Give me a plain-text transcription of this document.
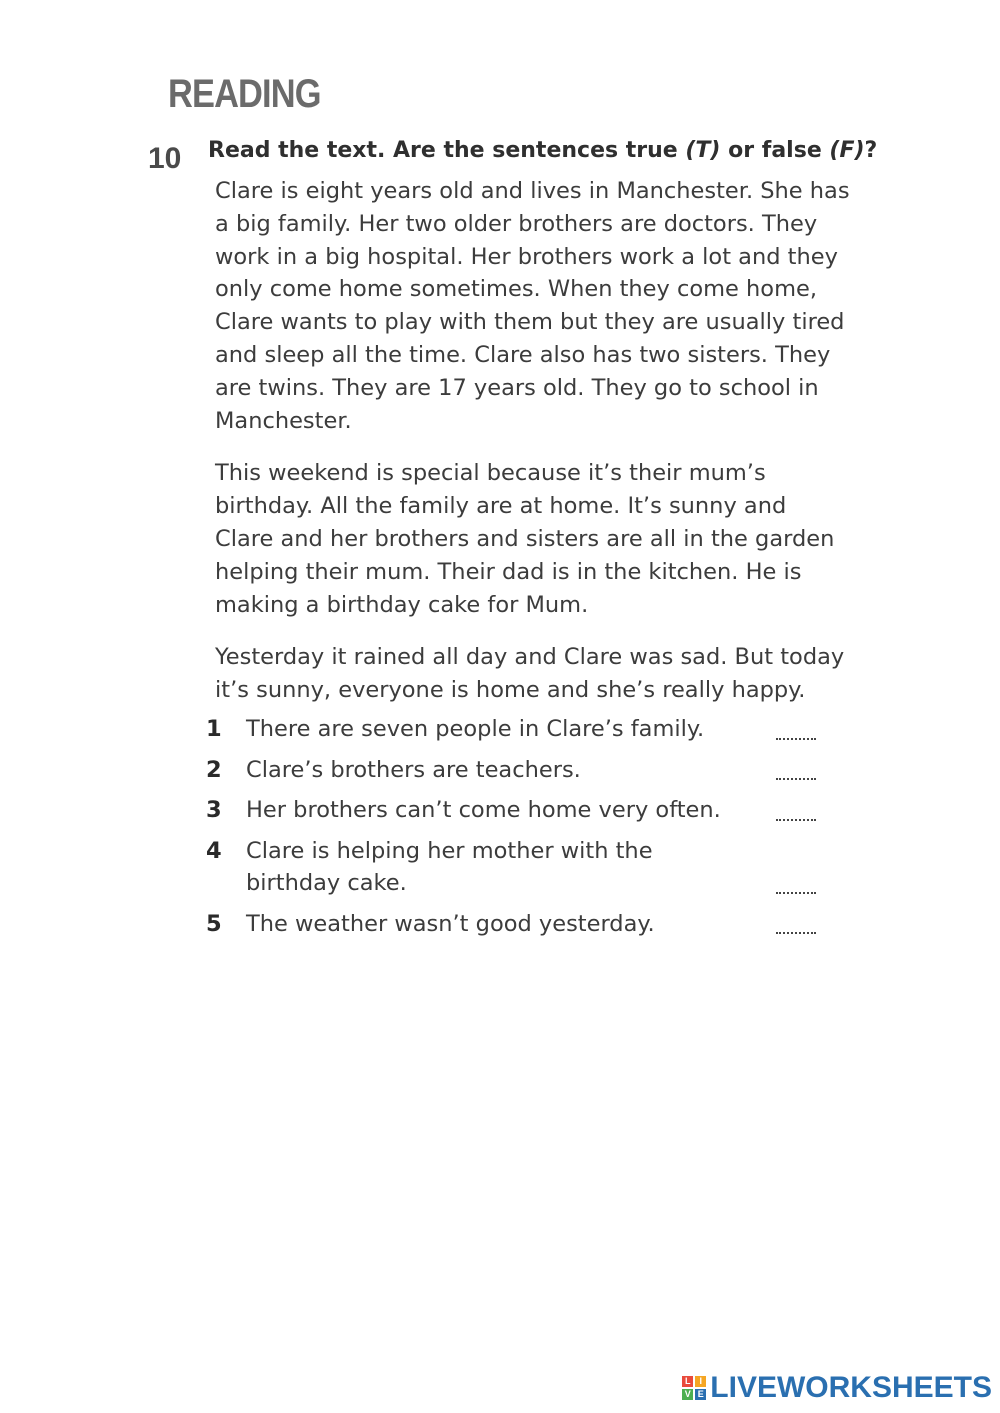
READING
10 Read the text. Are the sentences true (T) or false (F)?
Clare is eight years old and lives in Manchester. She has
a big family. Her two older brothers are doctors. They
work in a big hospital. Her brothers work a lot and they
only come home sometimes. When they come home,
Clare wants to play with them but they are usually tired
and sleep all the time. Clare also has two sisters. They
are twins. They are 17 years old. They go to school in
Manchester.
This weekend is special because it’s their mum’s
birthday. All the family are at home. It’s sunny and
Clare and her brothers and sisters are all in the garden
helping their mum. Their dad is in the kitchen. He is
making a birthday cake for Mum.
Yesterday it rained all day and Clare was sad. But today
it’s sunny, everyone is home and she’s really happy.
1	There are seven people in Clare’s family.
2	Clare’s brothers are teachers.
3	Her brothers can’t come home very often.
4	Clare is helping her mother with the
birthday cake.
5	The weather wasn’t good yesterday.
L I
V E LIVEWORKSHEETS
